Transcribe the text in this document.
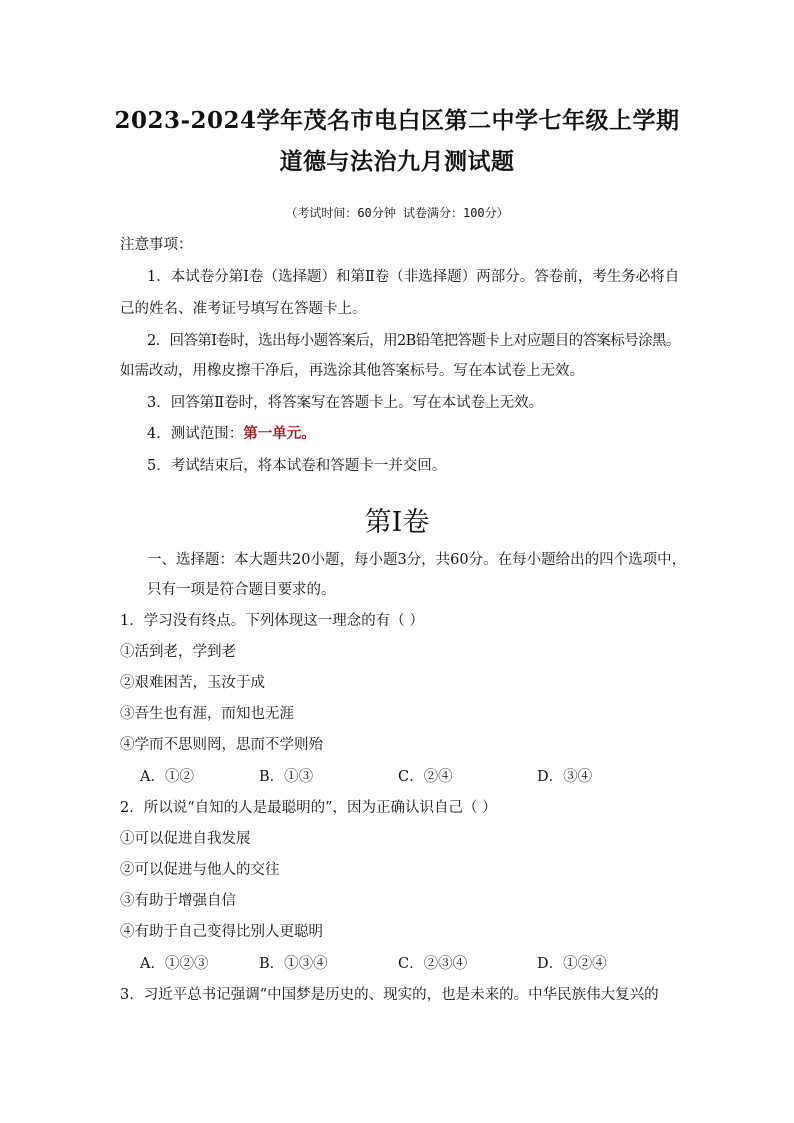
2023-2024学年茂名市电白区第二中学七年级上学期
道德与法治九月测试题
（考试时间：60分钟 试卷满分：100分）
注意事项：
1．本试卷分第Ⅰ卷（选择题）和第Ⅱ卷（非选择题）两部分。答卷前，考生务必将自
己的姓名、准考证号填写在答题卡上。
2．回答第Ⅰ卷时，选出每小题答案后，用2B铅笔把答题卡上对应题目的答案标号涂黑。
如需改动，用橡皮擦干净后，再选涂其他答案标号。写在本试卷上无效。
3．回答第Ⅱ卷时，将答案写在答题卡上。写在本试卷上无效。
4．测试范围：第一单元。
5．考试结束后，将本试卷和答题卡一并交回。
第Ⅰ卷
一、选择题：本大题共20小题，每小题3分，共60分。在每小题给出的四个选项中，
只有一项是符合题目要求的。
1．学习没有终点。下列体现这一理念的有（ ）
①活到老，学到老
②艰难困苦，玉汝于成
③吾生也有涯，而知也无涯
④学而不思则罔，思而不学则殆
A．①②	B．①③	C．②④	D．③④
2．所以说“自知的人是最聪明的”，因为正确认识自己（ ）
①可以促进自我发展
②可以促进与他人的交往
③有助于增强自信
④有助于自己变得比别人更聪明
A．①②③	B．①③④	C．②③④	D．①②④
3．习近平总书记强调“中国梦是历史的、现实的，也是未来的。中华民族伟大复兴的
